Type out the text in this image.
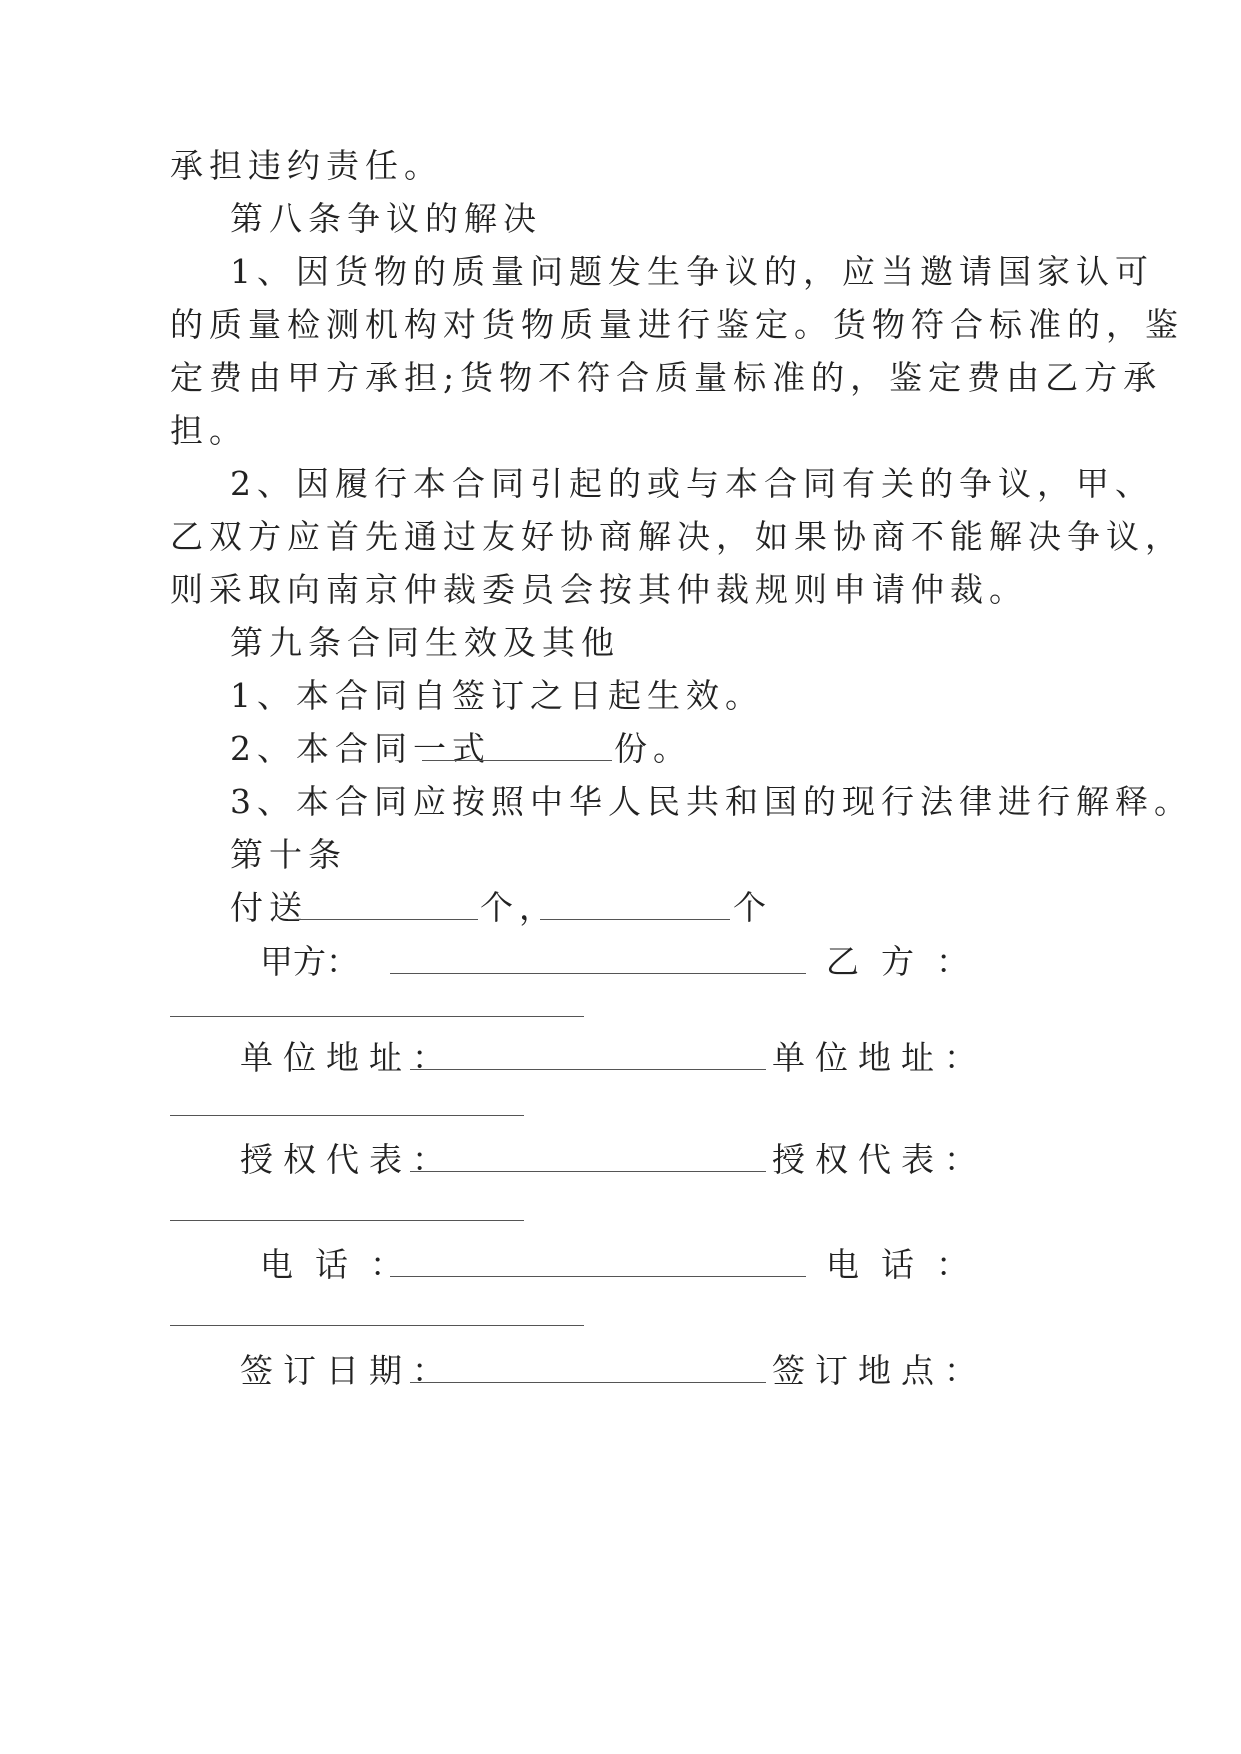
承担违约责任。
第八条争议的解决
1、因货物的质量问题发生争议的，应当邀请国家认可
的质量检测机构对货物质量进行鉴定。货物符合标准的，鉴
定费由甲方承担;货物不符合质量标准的，鉴定费由乙方承
担。
2、因履行本合同引起的或与本合同有关的争议，甲、
乙双方应首先通过友好协商解决，如果协商不能解决争议，
则采取向南京仲裁委员会按其仲裁规则申请仲裁。
第九条合同生效及其他
1、本合同自签订之日起生效。
2、本合同一式	份。
3、本合同应按照中华人民共和国的现行法律进行解释。
第十条
付送	个，	个
甲方：	乙方：
单位地址：	单位地址：
授权代表：	授权代表：
电话：	电话：
签订日期：	签订地点：
